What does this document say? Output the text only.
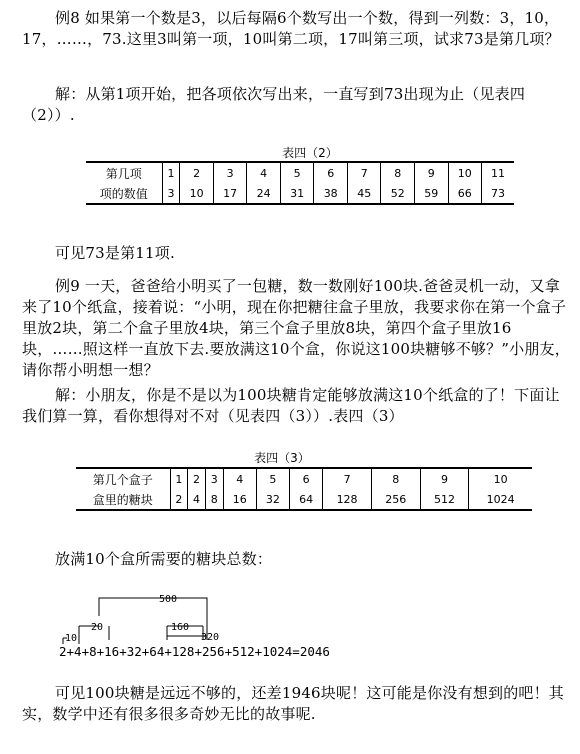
例8 如果第一个数是3，以后每隔6个数写出一个数，得到一列数：3，10，17，……，73.这里3叫第一项，10叫第二项，17叫第三项，试求73是第几项？

解：从第1项开始，把各项依次写出来，一直写到73出现为止（见表四（2））.

表四（2）
第几项	1	2	3	4	5	6	7	8	9	10	11
项的数值	3	10	17	24	31	38	45	52	59	66	73

可见73是第11项.

例9 一天，爸爸给小明买了一包糖，数一数刚好100块.爸爸灵机一动，又拿来了10个纸盒，接着说：“小明，现在你把糖往盒子里放，我要求你在第一个盒子里放2块，第二个盒子里放4块，第三个盒子里放8块，第四个盒子里放16块，……照这样一直放下去.要放满这10个盒，你说这100块糖够不够？”小朋友，请你帮小明想一想？

解：小朋友，你是不是以为100块糖肯定能够放满这10个纸盒的了！下面让我们算一算，看你想得对不对（见表四（3））.表四（3）

表四（3）
第几个盒子	1	2	3	4	5	6	7	8	9	10
盒里的糖块	2	4	8	16	32	64	128	256	512	1024

放满10个盒所需要的糖块总数：

500
20	160
320
10
2+4+8+16+32+64+128+256+512+1024=2046

可见100块糖是远远不够的，还差1946块呢！这可能是你没有想到的吧！其实，数学中还有很多很多奇妙无比的故事呢.
